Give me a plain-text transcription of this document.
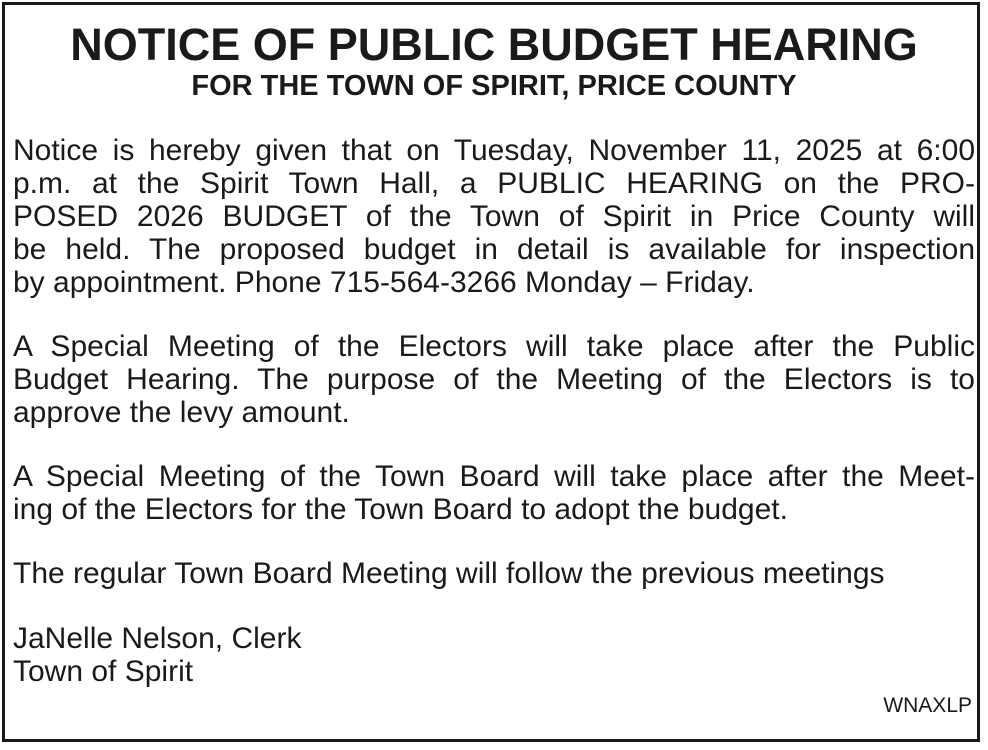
NOTICE OF PUBLIC BUDGET HEARING
FOR THE TOWN OF SPIRIT, PRICE COUNTY
Notice is hereby given that on Tuesday, November 11, 2025 at 6:00
p.m. at the Spirit Town Hall, a PUBLIC HEARING on the PRO-
POSED 2026 BUDGET of the Town of Spirit in Price County will
be held. The proposed budget in detail is available for inspection
by appointment. Phone 715-564-3266 Monday – Friday.
A Special Meeting of the Electors will take place after the Public
Budget Hearing. The purpose of the Meeting of the Electors is to
approve the levy amount.
A Special Meeting of the Town Board will take place after the Meet-
ing of the Electors for the Town Board to adopt the budget.
The regular Town Board Meeting will follow the previous meetings
JaNelle Nelson, Clerk
Town of Spirit
WNAXLP
